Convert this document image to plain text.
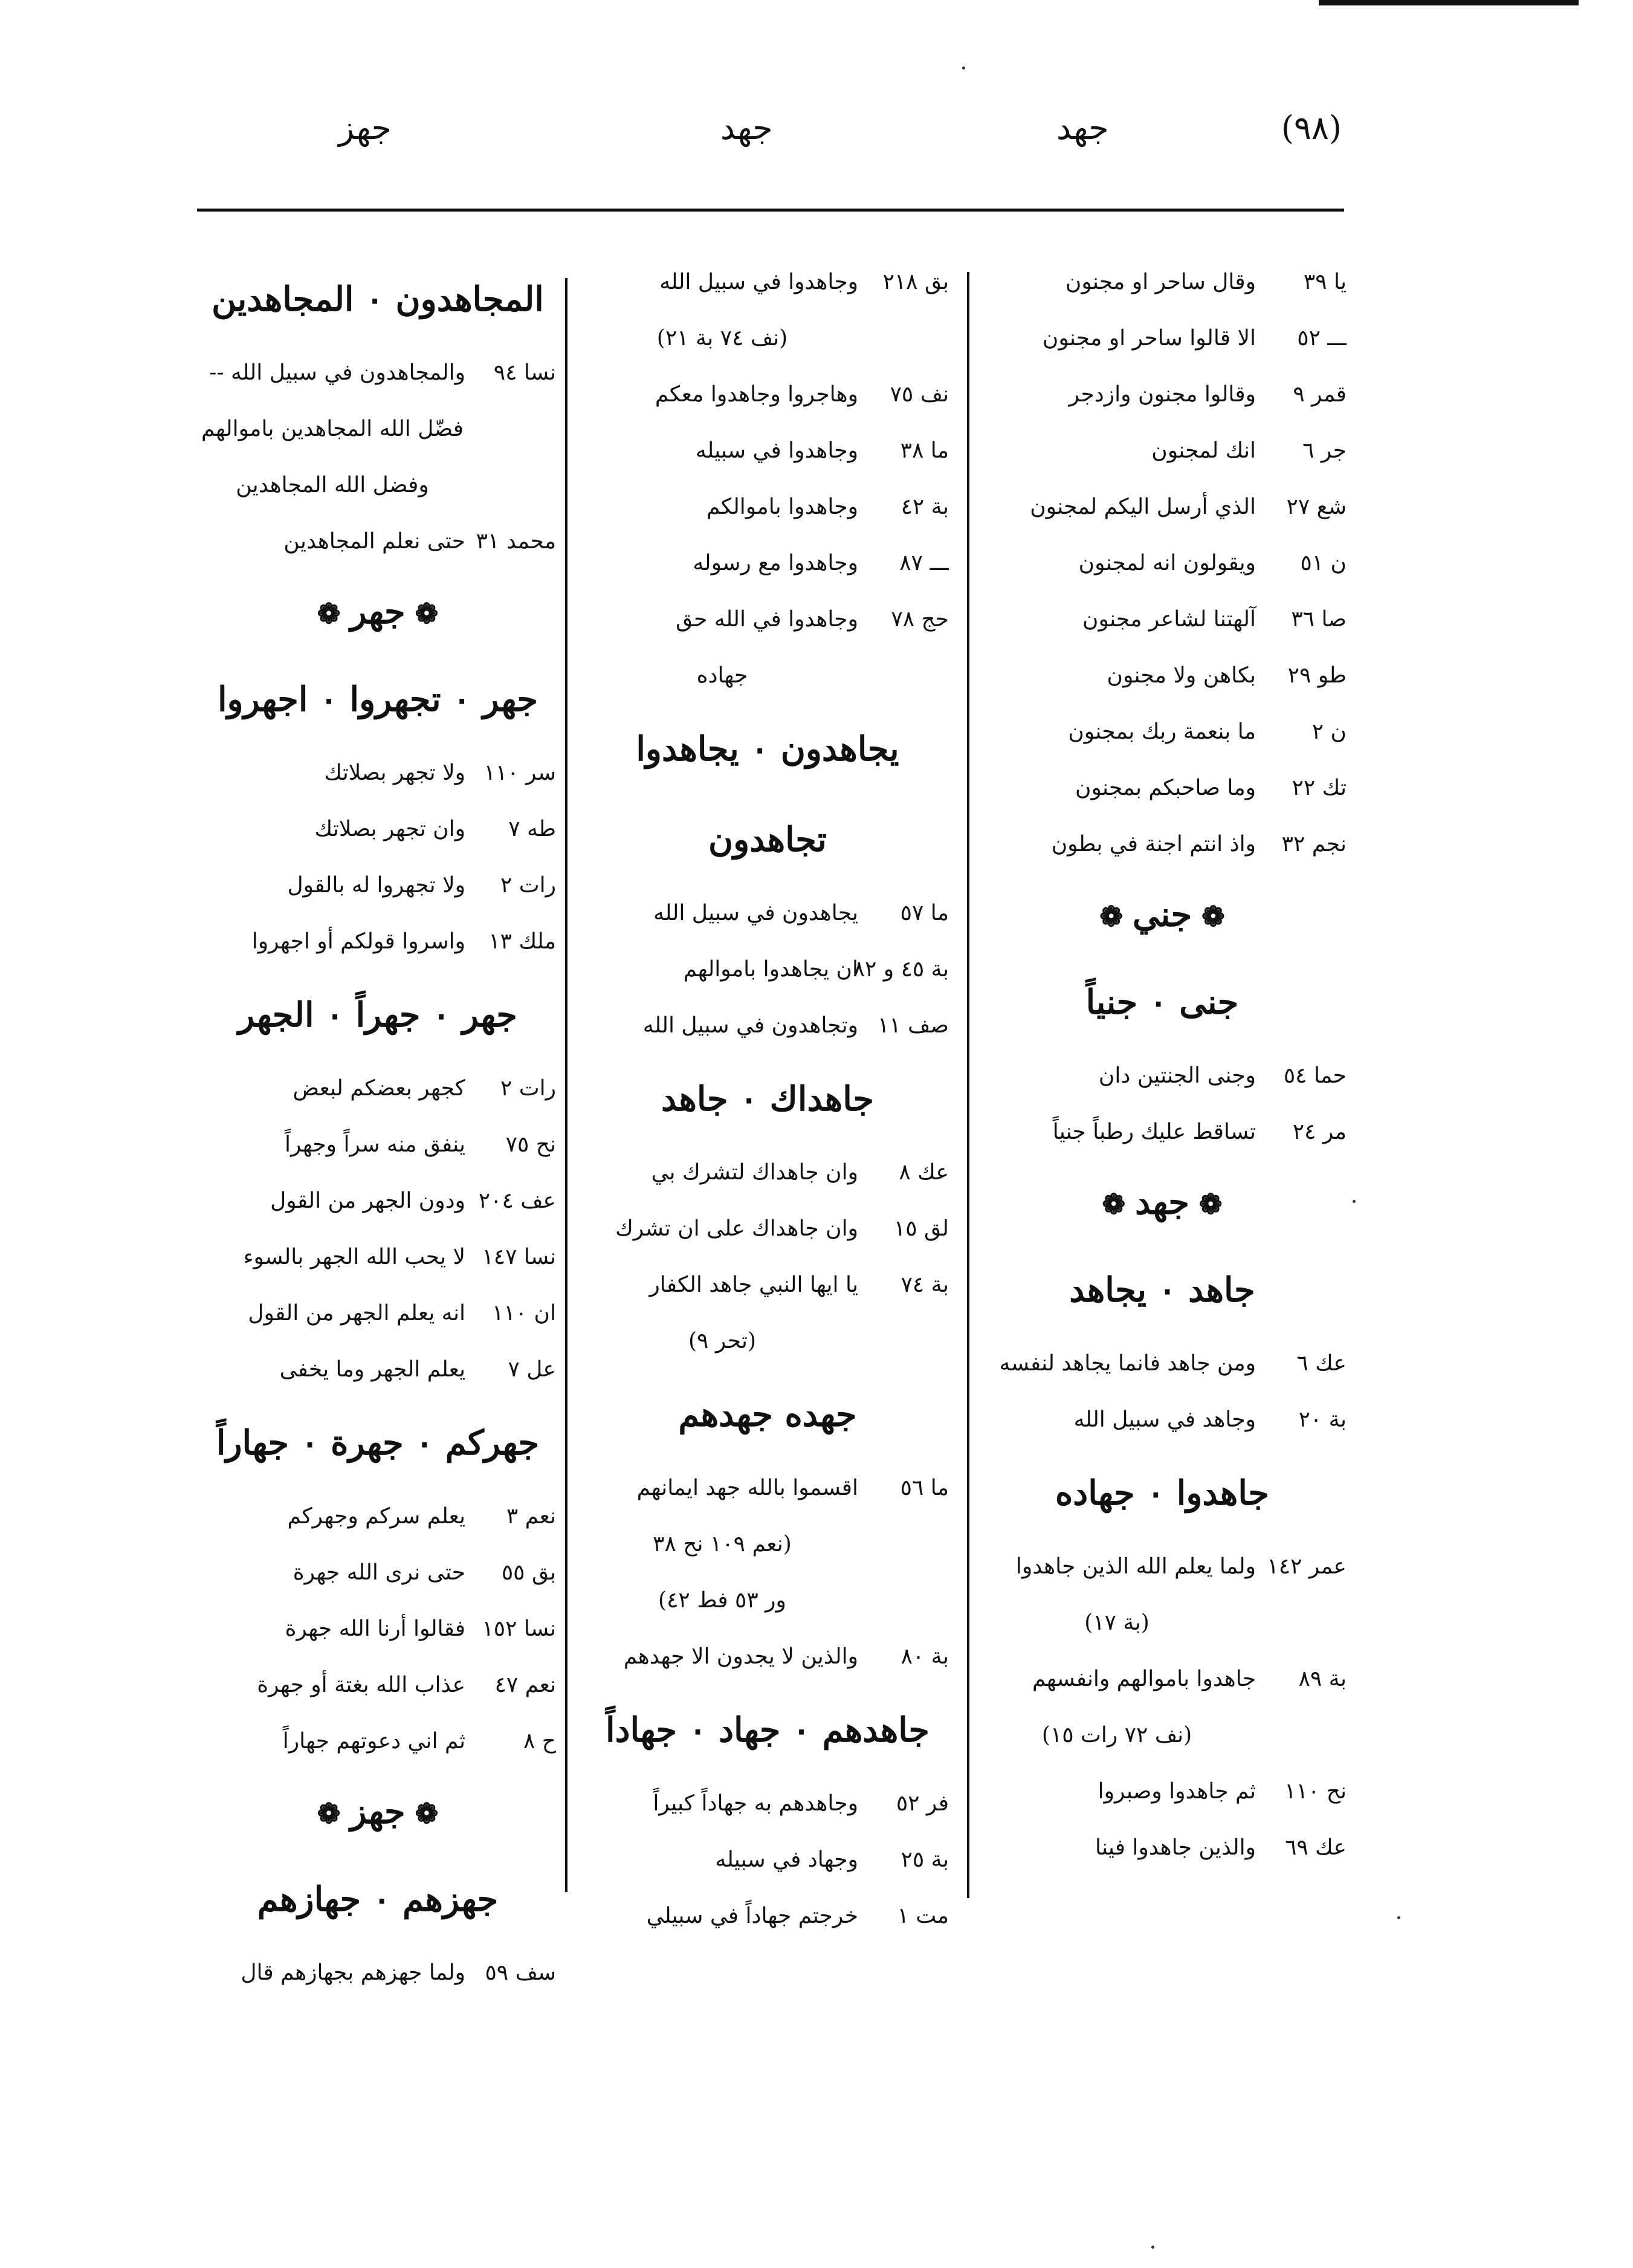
(٩٨)
جهد
جهد
جهز
يا ٣٩
وقال ساحر او مجنون
ـــ ٥٢
الا قالوا ساحر او مجنون
قمر ٩
وقالوا مجنون وازدجر
جر ٦
انك لمجنون
شع ٢٧
الذي أرسل اليكم لمجنون
ن ٥١
ويقولون انه لمجنون
صا ٣٦
آلهتنا لشاعر مجنون
طو ٢٩
بكاهن ولا مجنون
ن ٢
ما بنعمة ربك بمجنون
تك ٢٢
وما صاحبكم بمجنون
نجم ٣٢
واذ انتم اجنة في بطون
❁جني❁
جنى ٠ جنياً
حما ٥٤
وجنى الجنتين دان
مر ٢٤
تساقط عليك رطباً جنياً
❁جهد❁
جاهد ٠ يجاهد
عك ٦
ومن جاهد فانما يجاهد لنفسه
بة ٢٠
وجاهد في سبيل الله
جاهدوا ٠ جهاده
عمر ١٤٢
ولما يعلم الله الذين جاهدوا
(بة ١٧)
بة ٨٩
جاهدوا باموالهم وانفسهم
(نف ٧٢ رات ١٥)
نح ١١٠
ثم جاهدوا وصبروا
عك ٦٩
والذين جاهدوا فينا
بق ٢١٨
وجاهدوا في سبيل الله
(نف ٧٤ بة ٢١)
نف ٧٥
وهاجروا وجاهدوا معكم
ما ٣٨
وجاهدوا في سبيله
بة ٤٢
وجاهدوا باموالكم
ـــ ٨٧
وجاهدوا مع رسوله
حج ٧٨
وجاهدوا في الله حق
جهاده
يجاهدون ٠ يجاهدوا
تجاهدون
ما ٥٧
يجاهدون في سبيل الله
بة ٤٥ و ٨٢
ان يجاهدوا باموالهم
صف ١١
وتجاهدون في سبيل الله
جاهداك ٠ جاهد
عك ٨
وان جاهداك لتشرك بي
لق ١٥
وان جاهداك على ان تشرك
بة ٧٤
يا ايها النبي جاهد الكفار
(تحر ٩)
جهده جهدهم
ما ٥٦
اقسموا بالله جهد ايمانهم
(نعم ١٠٩ نح ٣٨
ور ٥٣ فط ٤٢)
بة ٨٠
والذين لا يجدون الا جهدهم
جاهدهم ٠ جهاد ٠ جهاداً
فر ٥٢
وجاهدهم به جهاداً كبيراً
بة ٢٥
وجهاد في سبيله
مت ١
خرجتم جهاداً في سبيلي
المجاهدون ٠ المجاهدين
نسا ٩٤
والمجاهدون في سبيل الله --
فضّل الله المجاهدين باموالهم
وفضل الله المجاهدين
محمد ٣١
حتى نعلم المجاهدين
❁جهر❁
جهر ٠ تجهروا ٠ اجهروا
سر ١١٠
ولا تجهر بصلاتك
طه ٧
وان تجهر بصلاتك
رات ٢
ولا تجهروا له بالقول
ملك ١٣
واسروا قولكم أو اجهروا
جهر ٠ جهراً ٠ الجهر
رات ٢
كجهر بعضكم لبعض
نح ٧٥
ينفق منه سراً وجهراً
عف ٢٠٤
ودون الجهر من القول
نسا ١٤٧
لا يحب الله الجهر بالسوء
ان ١١٠
انه يعلم الجهر من القول
عل ٧
يعلم الجهر وما يخفى
جهركم ٠ جهرة ٠ جهاراً
نعم ٣
يعلم سركم وجهركم
بق ٥٥
حتى نرى الله جهرة
نسا ١٥٢
فقالوا أرنا الله جهرة
نعم ٤٧
عذاب الله بغتة أو جهرة
ح ٨
ثم اني دعوتهم جهاراً
❁جهز❁
جهزهم ٠ جهازهم
سف ٥٩
ولما جهزهم بجهازهم قال
